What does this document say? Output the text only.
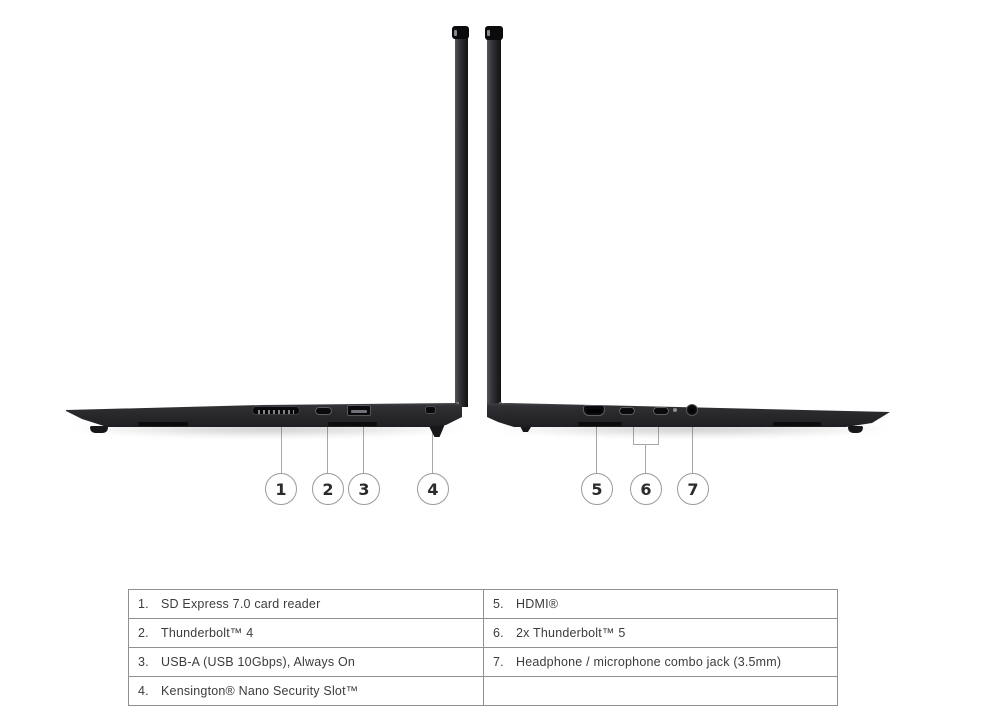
1 2 3	4	5 6 7
1. SD Express 7.0 card reader	5. HDMI®

2. Thunderbolt™ 4	6. 2x Thunderbolt™ 5

3. USB-A (USB 10Gbps), Always On	7. Headphone / microphone combo jack (3.5mm)

4. Kensington® Nano Security Slot™	
